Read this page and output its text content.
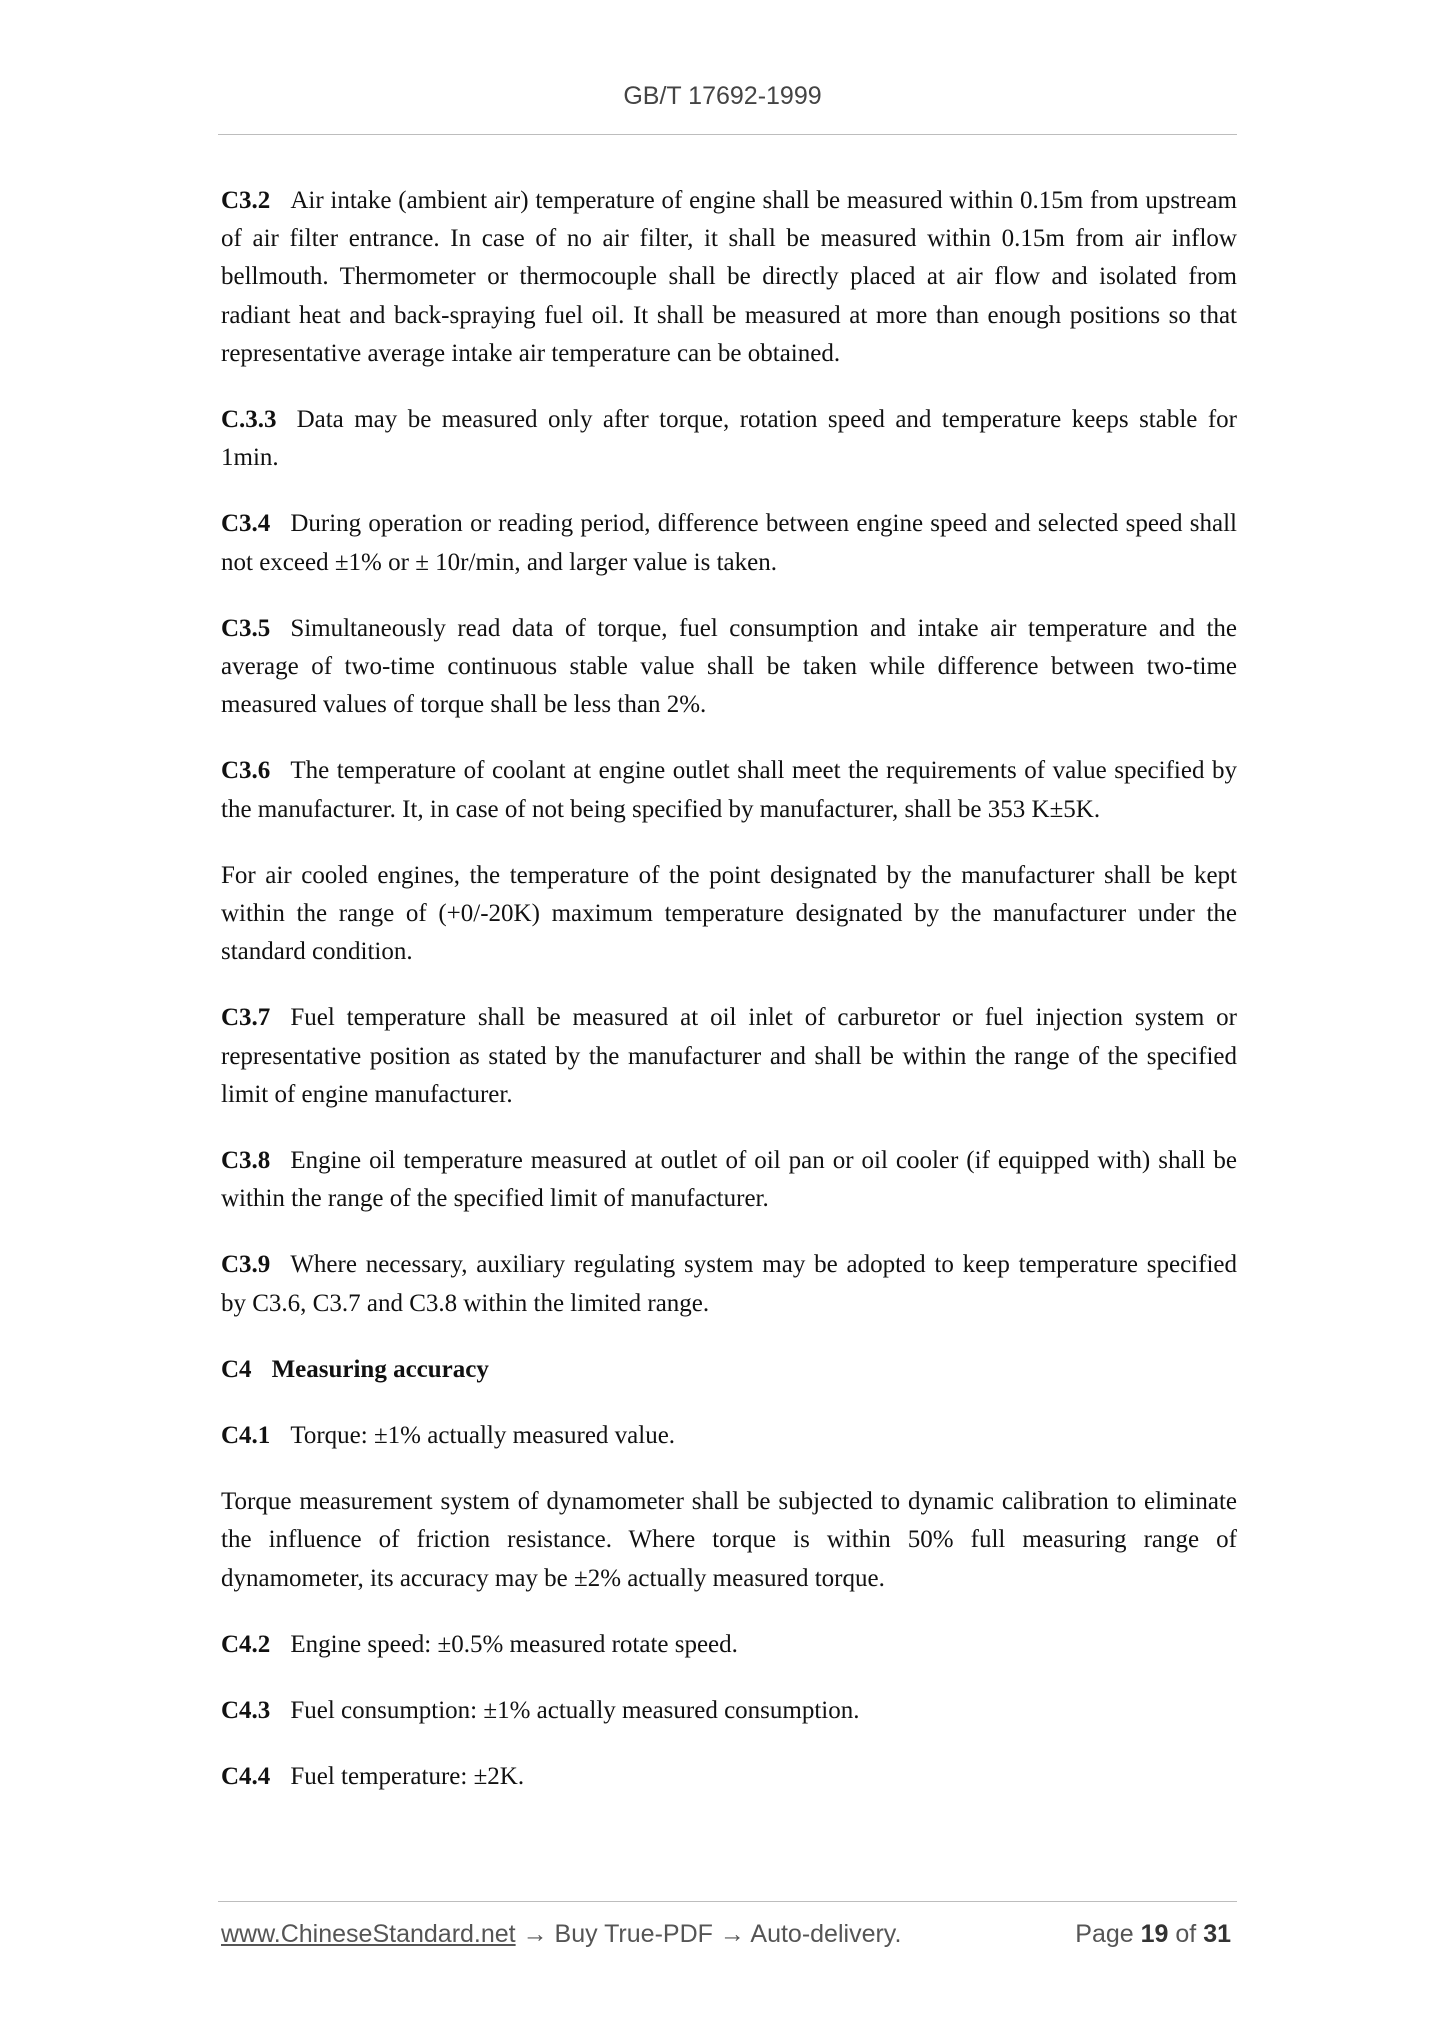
GB/T 17692-1999

C3.2 Air intake (ambient air) temperature of engine shall be measured within 0.15m from upstream of air filter entrance. In case of no air filter, it shall be measured within 0.15m from air inflow bellmouth. Thermometer or thermocouple shall be directly placed at air flow and isolated from radiant heat and back-spraying fuel oil. It shall be measured at more than enough positions so that representative average intake air temperature can be obtained.

C.3.3 Data may be measured only after torque, rotation speed and temperature keeps stable for 1min.

C3.4 During operation or reading period, difference between engine speed and selected speed shall not exceed ±1% or ± 10r/min, and larger value is taken.

C3.5 Simultaneously read data of torque, fuel consumption and intake air temperature and the average of two-time continuous stable value shall be taken while difference between two-time measured values of torque shall be less than 2%.

C3.6 The temperature of coolant at engine outlet shall meet the requirements of value specified by the manufacturer. It, in case of not being specified by manufacturer, shall be 353 K±5K.

For air cooled engines, the temperature of the point designated by the manufacturer shall be kept within the range of (+0/-20K) maximum temperature designated by the manufacturer under the standard condition.

C3.7 Fuel temperature shall be measured at oil inlet of carburetor or fuel injection system or representative position as stated by the manufacturer and shall be within the range of the specified limit of engine manufacturer.

C3.8 Engine oil temperature measured at outlet of oil pan or oil cooler (if equipped with) shall be within the range of the specified limit of manufacturer.

C3.9 Where necessary, auxiliary regulating system may be adopted to keep temperature specified by C3.6, C3.7 and C3.8 within the limited range.

C4 Measuring accuracy

C4.1 Torque: ±1% actually measured value.

Torque measurement system of dynamometer shall be subjected to dynamic calibration to eliminate the influence of friction resistance. Where torque is within 50% full measuring range of dynamometer, its accuracy may be ±2% actually measured torque.

C4.2 Engine speed: ±0.5% measured rotate speed.

C4.3 Fuel consumption: ±1% actually measured consumption.

C4.4 Fuel temperature: ±2K.

www.ChineseStandard.net → Buy True-PDF → Auto-delivery.	Page 19 of 31
